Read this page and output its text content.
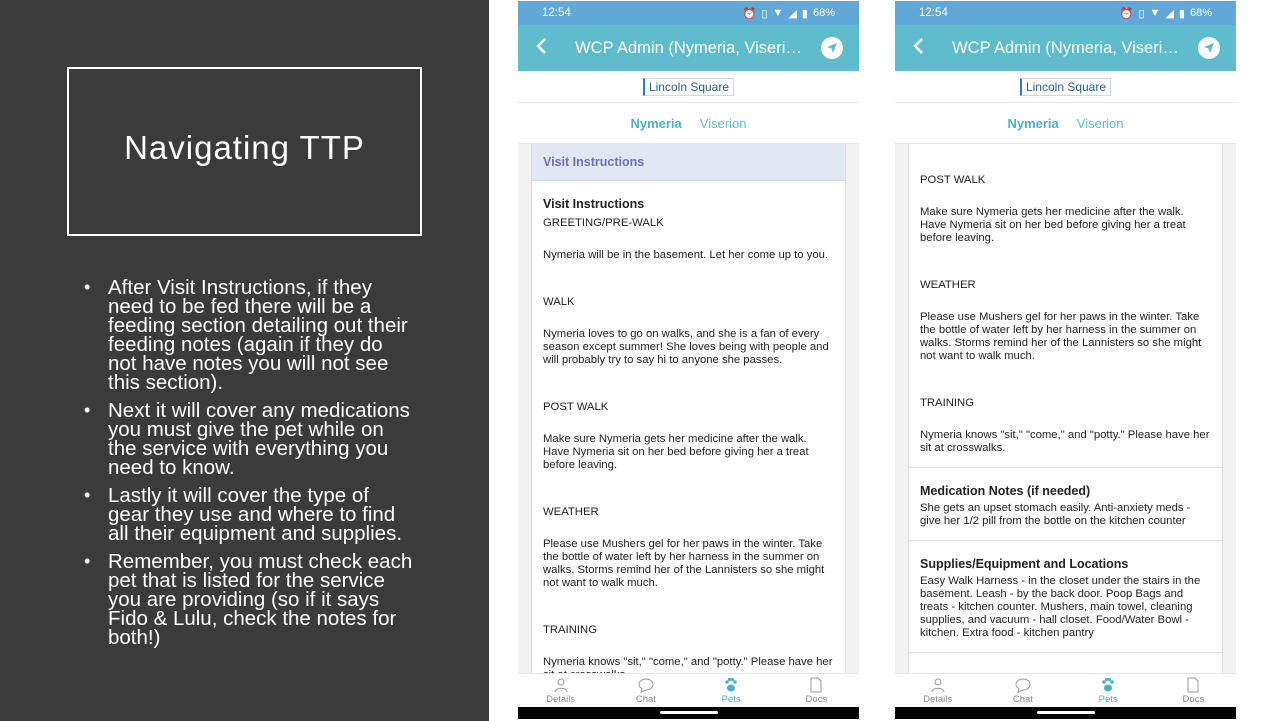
Navigating TTP
• After Visit Instructions, if they need to be fed there will be a feeding section detailing out their feeding notes (again if they do not have notes you will not see this section).
• Next it will cover any medications you must give the pet while on the service with everything you need to know.
• Lastly it will cover the type of gear they use and where to find all their equipment and supplies.
• Remember, you must check each pet that is listed for the service you are providing (so if it says Fido & Lulu, check the notes for both!)
12:54	⏰ ▯ ▼ ◢ ▮ 68%
WCP Admin (Nymeria, Viseri…
Lincoln Square
Nymeria Viserion
Visit Instructions
Visit Instructions
GREETING/PRE-WALK
Nymeria will be in the basement. Let her come up to you.
WALK
Nymeria loves to go on walks, and she is a fan of every season except summer! She loves being with people and will probably try to say hi to anyone she passes.
POST WALK
Make sure Nymeria gets her medicine after the walk. Have Nymeria sit on her bed before giving her a treat before leaving.
WEATHER
Please use Mushers gel for her paws in the winter. Take the bottle of water left by her harness in the summer on walks. Storms remind her of the Lannisters so she might not want to walk much.
TRAINING
Nymeria knows "sit," "come," and "potty." Please have her
Details	Chat	Pets	Docs
12:54	⏰ ▯ ▼ ◢ ▮ 68%
WCP Admin (Nymeria, Viseri…
Lincoln Square
Nymeria Viserion
POST WALK
Make sure Nymeria gets her medicine after the walk. Have Nymeria sit on her bed before giving her a treat before leaving.
WEATHER
Please use Mushers gel for her paws in the winter. Take the bottle of water left by her harness in the summer on walks. Storms remind her of the Lannisters so she might not want to walk much.
TRAINING
Nymeria knows "sit," "come," and "potty." Please have her sit at crosswalks.
Medication Notes (if needed)
She gets an upset stomach easily. Anti-anxiety meds - give her 1/2 pill from the bottle on the kitchen counter
Supplies/Equipment and Locations
Easy Walk Harness - in the closet under the stairs in the basement. Leash - by the back door. Poop Bags and treats - kitchen counter. Mushers, main towel, cleaning supplies, and vacuum - hall closet. Food/Water Bowl - kitchen. Extra food - kitchen pantry
Details	Chat	Pets	Docs
